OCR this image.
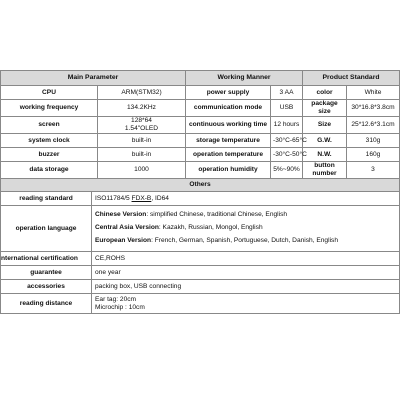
Main Parameter		Working Manner		Product Standard	
CPU	ARM(STM32)	power supply	3 AA	color	White
working frequency	134.2KHz	communication mode	USB	package size	30*16.8*3.8cm
screen	128*64 1.54"OLED	continuous working time	12 hours	Size	25*12.6*3.1cm
system clock	built-in	storage temperature	-30°C-65°C	G.W.	310g
buzzer	built-in	operation temperature	-30°C-50°C	N.W.	160g
data storage	1000	operation humidity	5%~90%	button number	3
Others	
reading standard	ISO11784/5 FDX-B, ID64
operation language	Chinese Version: simplified Chinese, traditional Chinese, English
Central Asia Version: Kazakh, Russian, Mongol, English
European Version: French, German, Spanish, Portuguese, Dutch, Danish, English

nternational certification	CE,ROHS
guarantee	one year
accessories	packing box, USB connecting
reading distance	Ear tag: 20cm
Microchip : 10cm
